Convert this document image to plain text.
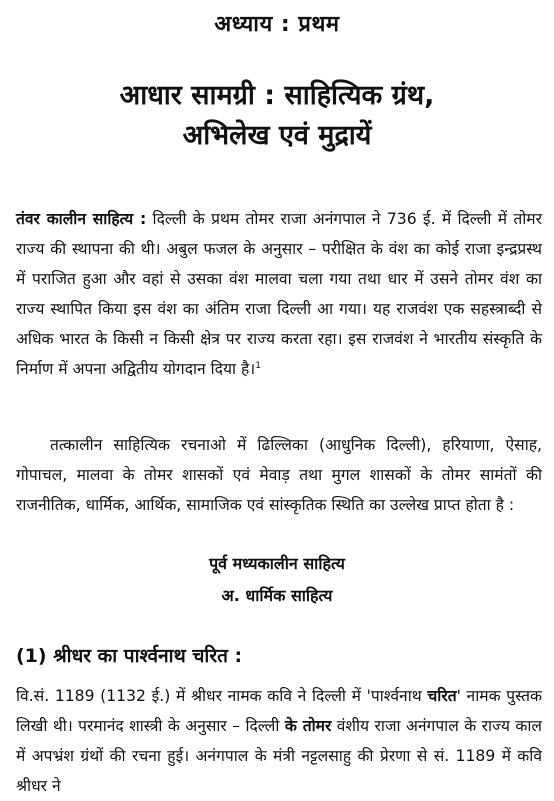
अध्याय : प्रथम
आधार सामग्री : साहित्यिक ग्रंथ,
अभिलेख एवं मुद्रायें

तंवर कालीन साहित्य : दिल्ली के प्रथम तोमर राजा अनंगपाल ने 736 ई. में दिल्ली में तोमर राज्य की स्थापना की थी। अबुल फजल के अनुसार – परीक्षित के वंश का कोई राजा इन्द्रप्रस्थ में पराजित हुआ और वहां से उसका वंश मालवा चला गया तथा धार में उसने तोमर वंश का राज्य स्थापित किया इस वंश का अंतिम राजा दिल्ली आ गया। यह राजवंश एक सहस्त्राब्दी से अधिक भारत के किसी न किसी क्षेत्र पर राज्य करता रहा। इस राजवंश ने भारतीय संस्कृति के निर्माण में अपना अद्वितीय योगदान दिया है।$^1$

तत्कालीन साहित्यिक रचनाओ में ढिल्लिका (आधुनिक दिल्ली), हरियाणा, ऐसाह, गोपाचल, मालवा के तोमर शासकों एवं मेवाड़ तथा मुगल शासकों के तोमर सामंतों की राजनीतिक, धार्मिक, आर्थिक, सामाजिक एवं सांस्कृतिक स्थिति का उल्लेख प्राप्त होता है :

पूर्व मध्यकालीन साहित्य
अ. धार्मिक साहित्य
(1) श्रीधर का पार्श्वनाथ चरित :

वि.सं. 1189 (1132 ई.) में श्रीधर नामक कवि ने दिल्ली में 'पार्श्वनाथ चरित' नामक पुस्तक लिखी थी। परमानंद शास्त्री के अनुसार – दिल्ली के तोमर वंशीय राजा अनंगपाल के राज्य काल में अपभ्रंश ग्रंथों की रचना हुई। अनंगपाल के मंत्री नट्टलसाहु की प्रेरणा से सं. 1189 में कवि श्रीधर ने
